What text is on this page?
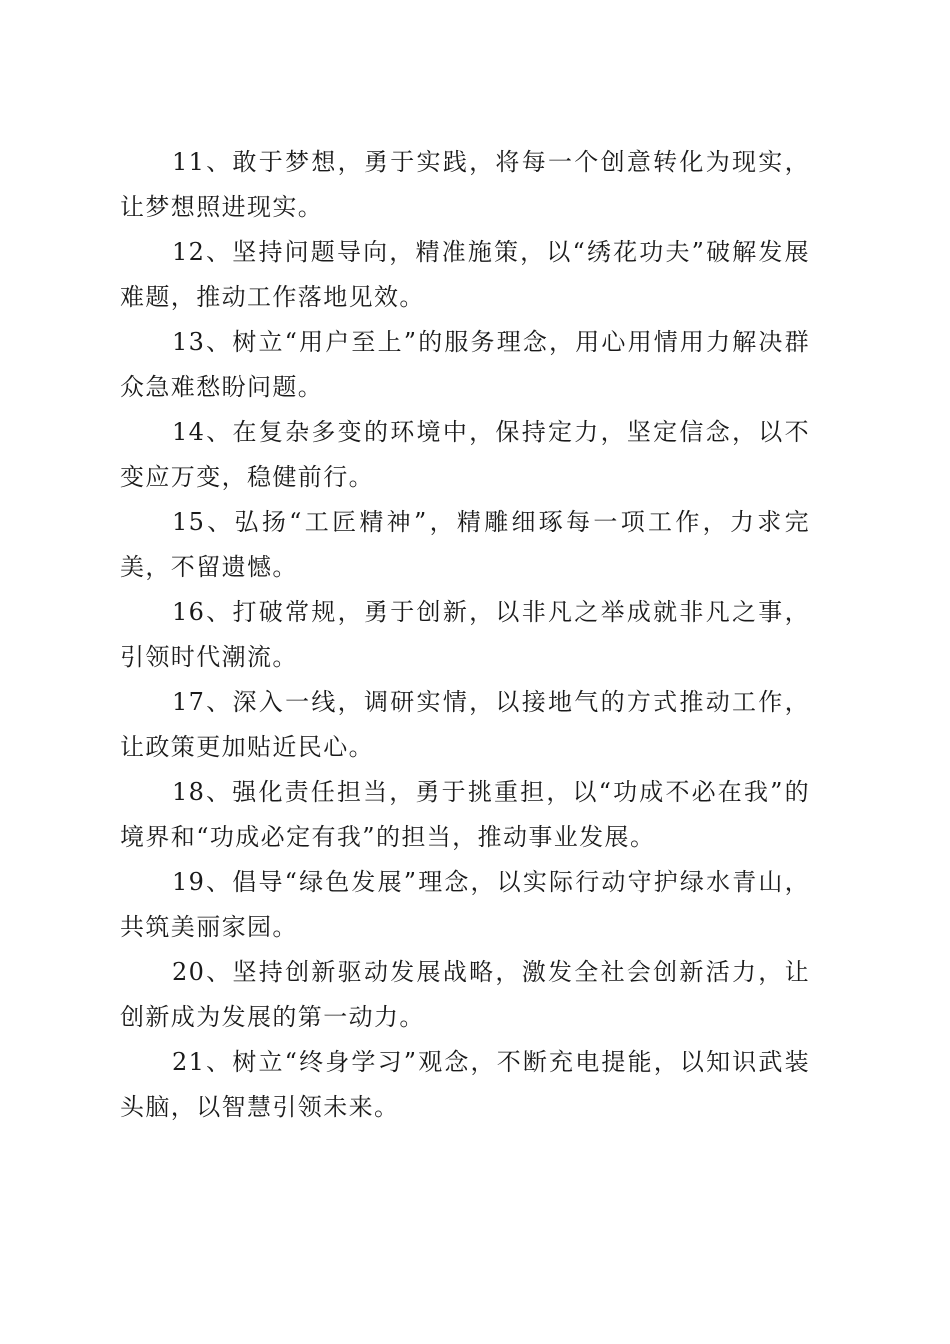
11、敢于梦想，勇于实践，将每一个创意转化为现实，让梦想照进现实。

12、坚持问题导向，精准施策，以“绣花功夫”破解发展难题，推动工作落地见效。

13、树立“用户至上”的服务理念，用心用情用力解决群众急难愁盼问题。

14、在复杂多变的环境中，保持定力，坚定信念，以不变应万变，稳健前行。

15、弘扬“工匠精神”，精雕细琢每一项工作，力求完美，不留遗憾。

16、打破常规，勇于创新，以非凡之举成就非凡之事，引领时代潮流。

17、深入一线，调研实情，以接地气的方式推动工作，让政策更加贴近民心。

18、强化责任担当，勇于挑重担，以“功成不必在我”的境界和“功成必定有我”的担当，推动事业发展。

19、倡导“绿色发展”理念，以实际行动守护绿水青山，共筑美丽家园。

20、坚持创新驱动发展战略，激发全社会创新活力，让创新成为发展的第一动力。

21、树立“终身学习”观念，不断充电提能，以知识武装头脑，以智慧引领未来。
